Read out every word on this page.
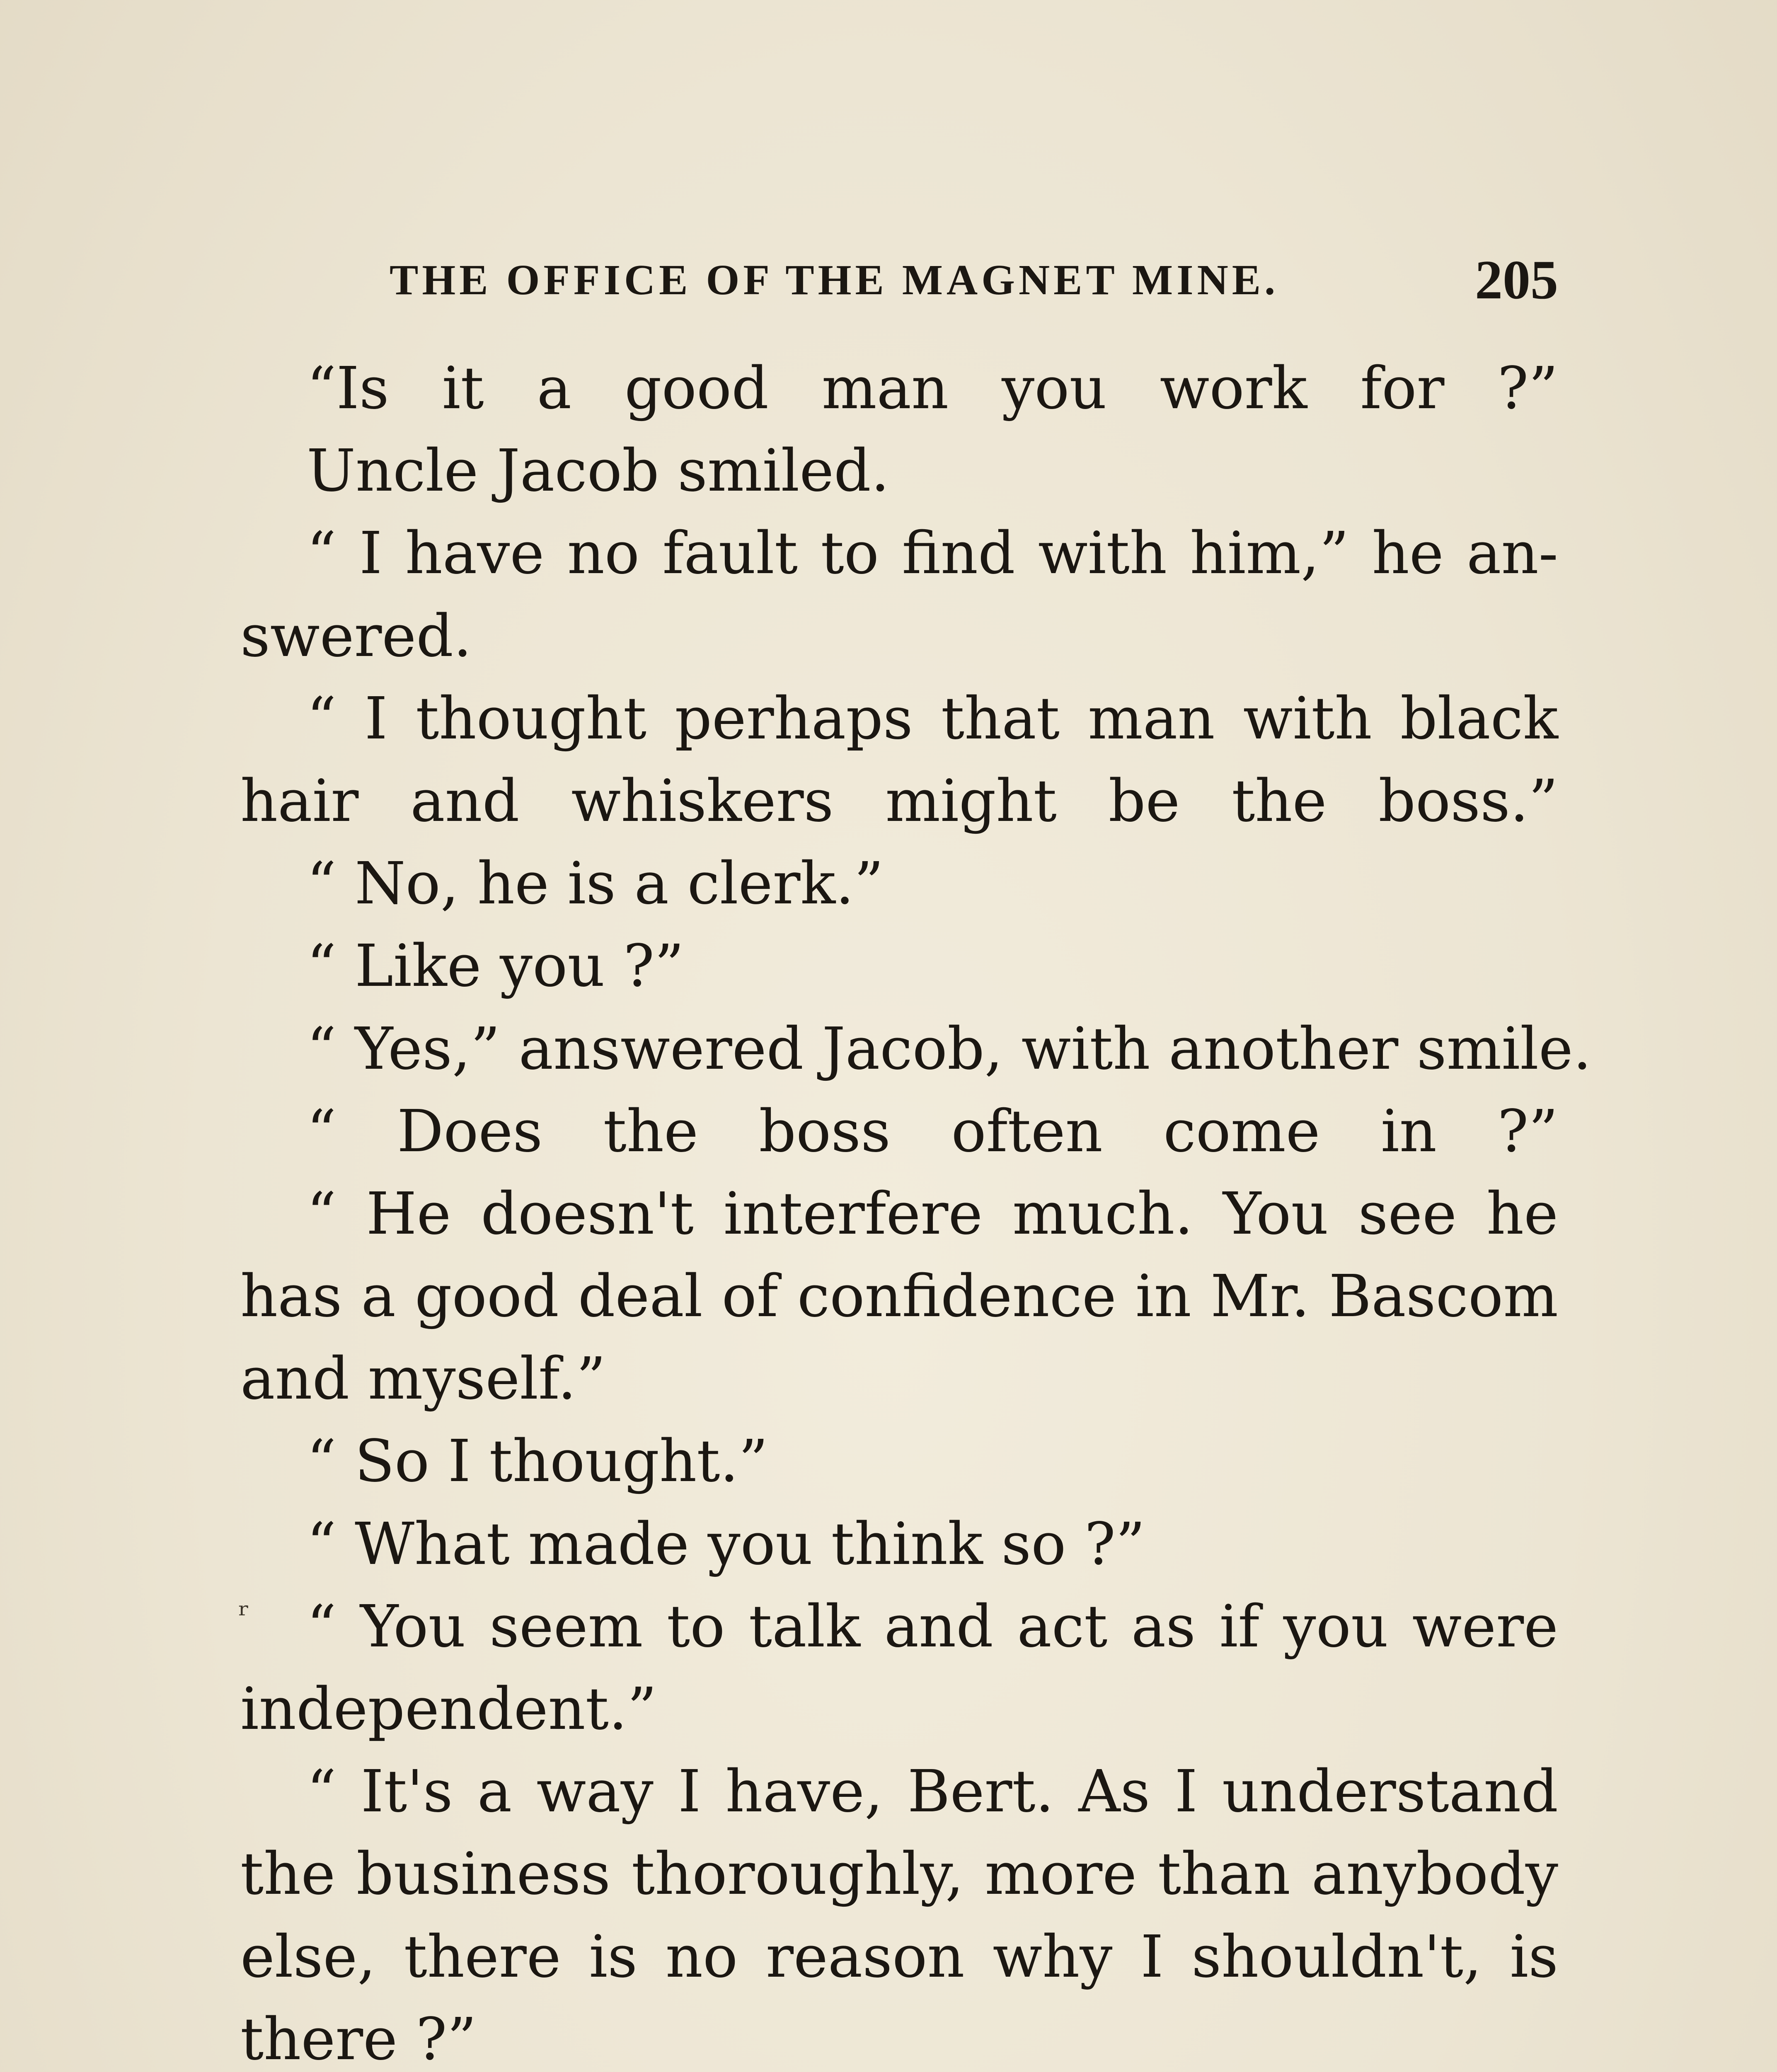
THE OFFICE OF THE MAGNET MINE.	205
“Is it a good man you work for ?”
Uncle Jacob smiled.
“ I have no fault to find with him,” he an-
swered.
“ I thought perhaps that man with black
hair and whiskers might be the boss.”
“ No, he is a clerk.”
“ Like you ?”
“ Yes,” answered Jacob, with another smile.
“ Does the boss often come in ?”
“ He doesn't interfere much. You see he
has a good deal of confidence in Mr. Bascom
and myself.”
“ So I thought.”
“ What made you think so ?”
“ You seem to talk and act as if you were
independent.”
“ It's a way I have, Bert. As I understand
the business thoroughly, more than anybody
else, there is no reason why I shouldn't, is
there ?”
ʳ
